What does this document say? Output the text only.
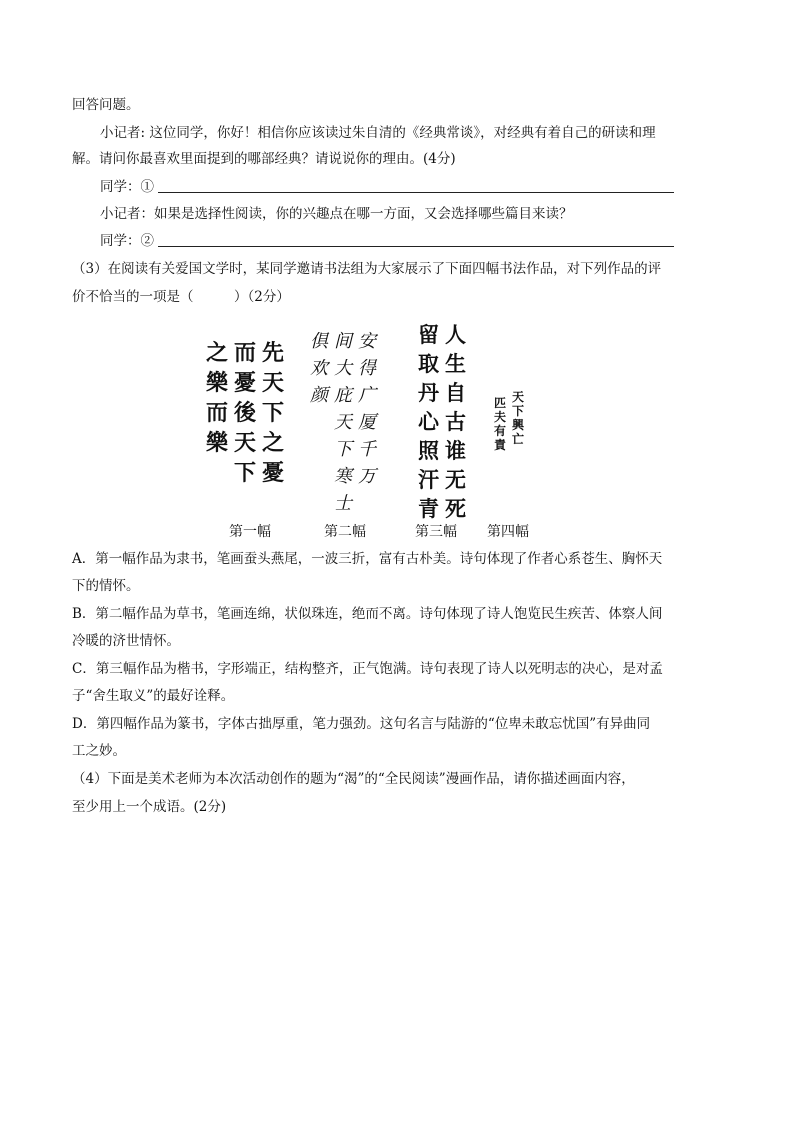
回答问题。
小记者: 这位同学，你好！相信你应该读过朱自清的《经典常谈》，对经典有着自己的研读和理
解。请问你最喜欢里面提到的哪部经典？请说说你的理由。(4分)
同学：①
小记者：如果是选择性阅读，你的兴趣点在哪一方面，又会选择哪些篇目来读？
同学：②
（3）在阅读有关爱国文学时，某同学邀请书法组为大家展示了下面四幅书法作品，对下列作品的评
价不恰当的一项是（　　　）（2分）
先
天
下
之
憂
而
憂
後
天
下
之
樂
而
樂
安
得
广
厦
千
万
间
大
庇
天
下
寒
士
俱
欢
颜
人
生
自
古
谁
无
死
留
取
丹
心
照
汗
青
天
下
興
亡
匹
夫
有
責
第一幅	第二幅	第三幅 第四幅
A．第一幅作品为隶书，笔画蚕头燕尾，一波三折，富有古朴美。诗句体现了作者心系苍生、胸怀天
下的情怀。
B．第二幅作品为草书，笔画连绵，状似珠连，绝而不离。诗句体现了诗人饱览民生疾苦、体察人间
冷暖的济世情怀。
C．第三幅作品为楷书，字形端正，结构整齐，正气饱满。诗句表现了诗人以死明志的决心，是对孟
子“舍生取义”的最好诠释。
D．第四幅作品为篆书，字体古拙厚重，笔力强劲。这句名言与陆游的“位卑未敢忘忧国”有异曲同
工之妙。
（4）下面是美术老师为本次活动创作的题为“渴”的“全民阅读”漫画作品，请你描述画面内容，
至少用上一个成语。(2分)
